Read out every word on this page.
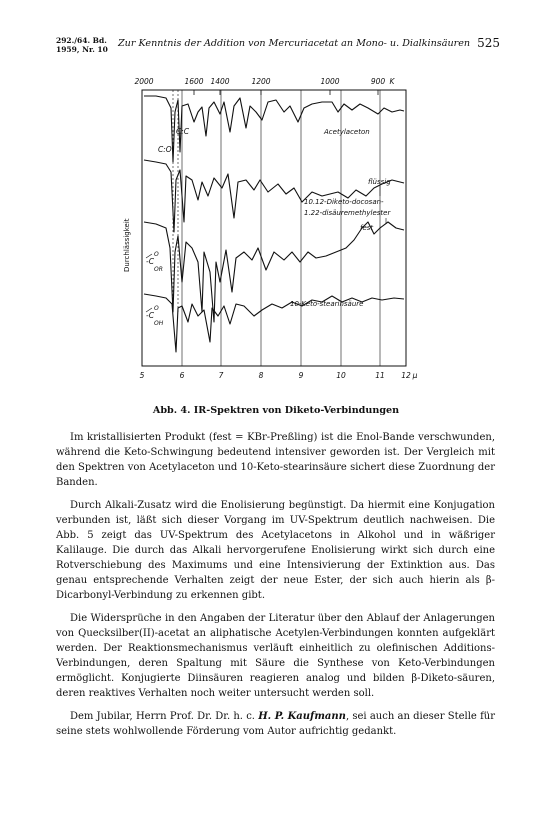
292./64. Bd.
1959, Nr. 10
Zur Kenntnis der Addition von Mercuriacetat an Mono- u. Dialkinsäuren 525
2000	1600 1400	1200	1000	900 K
5	6	7	8	9	10	11 12 μ
Durchlässigkeit
C:C
C:O
-C
O
OR
-C
O
OH
Acetylaceton
flüssig
10.12-Diketo-docosan-
1.22-disäuremethylester
fest
10-Keto-stearinsäure
Abb. 4. IR-Spektren von Diketo-Verbindungen

Im kristallisierten Produkt (fest = KBr-Preßling) ist die Enol-Bande verschwunden, während die Keto-Schwingung bedeutend intensiver geworden ist. Der Vergleich mit den Spektren von Acetylaceton und 10-Keto-stearinsäure sichert diese Zuordnung der Banden.

Durch Alkali-Zusatz wird die Enolisierung begünstigt. Da hiermit eine Konjugation verbunden ist, läßt sich dieser Vorgang im UV-Spektrum deutlich nachweisen. Die Abb. 5 zeigt das UV-Spektrum des Acetylacetons in Alkohol und in wäßriger Kalilauge. Die durch das Alkali hervorgerufene Enolisierung wirkt sich durch eine Rotverschiebung des Maximums und eine Intensivierung der Extinktion aus. Das genau entsprechende Verhalten zeigt der neue Ester, der sich auch hierin als β-Dicarbonyl-Verbindung zu erkennen gibt.

Die Widersprüche in den Angaben der Literatur über den Ablauf der Anlagerungen von Quecksilber(II)-acetat an aliphatische Acetylen-Verbindungen konnten aufgeklärt werden. Der Reaktionsmechanismus verläuft einheitlich zu olefinischen Additions-Verbindungen, deren Spaltung mit Säure die Synthese von Keto-Verbindungen ermöglicht. Konjugierte Diinsäuren reagieren analog und bilden β-Diketo-säuren, deren reaktives Verhalten noch weiter untersucht werden soll.

Dem Jubilar, Herrn Prof. Dr. Dr. h. c. H. P. Kaufmann, sei auch an dieser Stelle für seine stets wohlwollende Förderung vom Autor aufrichtig gedankt.
